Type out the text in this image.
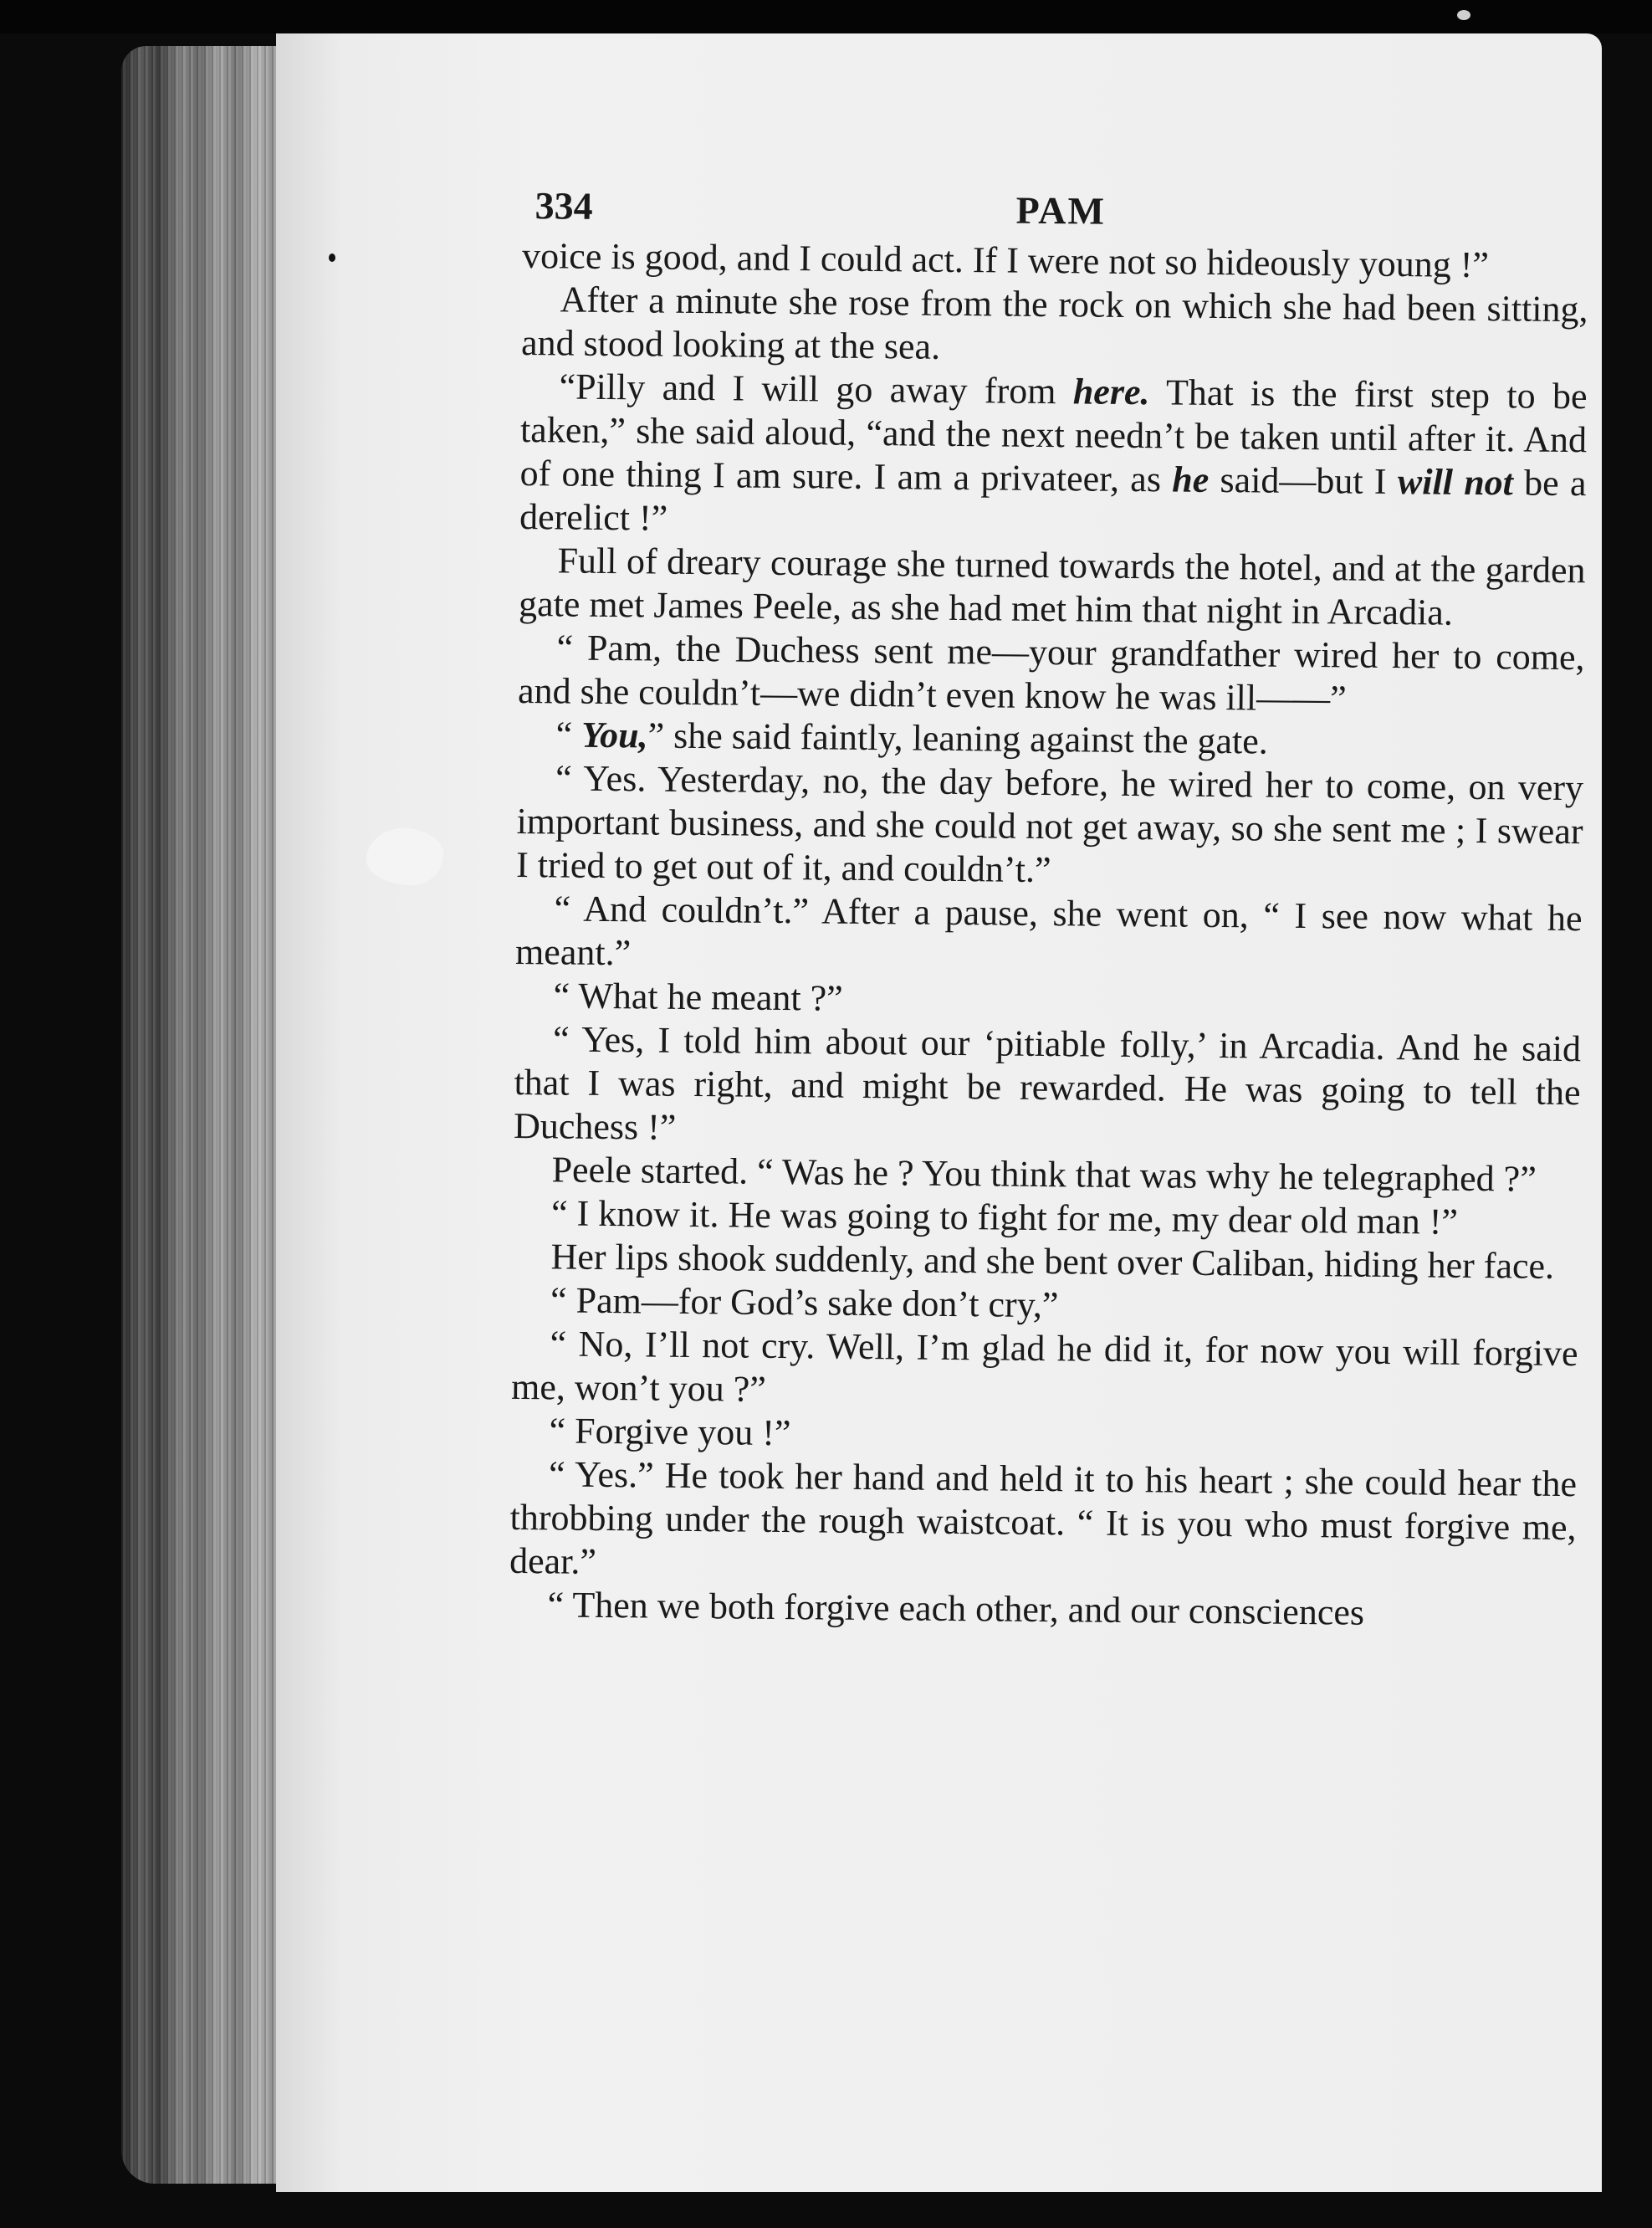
334	PAM

voice is good, and I could act. If I were not so hideously young !”

After a minute she rose from the rock on which she had been sitting, and stood looking at the sea.

“Pilly and I will go away from here. That is the first step to be taken,” she said aloud, “and the next needn’t be taken until after it. And of one thing I am sure. I am a privateer, as he said—but I will not be a derelict !”

Full of dreary courage she turned towards the hotel, and at the garden gate met James Peele, as she had met him that night in Arcadia.

“ Pam, the Duchess sent me—your grandfather wired her to come, and she couldn’t—we didn’t even know he was ill——”

“ You,” she said faintly, leaning against the gate.

“ Yes. Yesterday, no, the day before, he wired her to come, on very important business, and she could not get away, so she sent me ; I swear I tried to get out of it, and couldn’t.”

“ And couldn’t.” After a pause, she went on, “ I see now what he meant.”

“ What he meant ?”

“ Yes, I told him about our ‘pitiable folly,’ in Arcadia. And he said that I was right, and might be rewarded. He was going to tell the Duchess !”

Peele started. “ Was he ? You think that was why he telegraphed ?”

“ I know it. He was going to fight for me, my dear old man !”

Her lips shook suddenly, and she bent over Caliban, hiding her face.

“ Pam—for God’s sake don’t cry,”

“ No, I’ll not cry. Well, I’m glad he did it, for now you will forgive me, won’t you ?”

“ Forgive you !”

“ Yes.” He took her hand and held it to his heart ; she could hear the throbbing under the rough waistcoat. “ It is you who must forgive me, dear.”

“ Then we both forgive each other, and our consciences
